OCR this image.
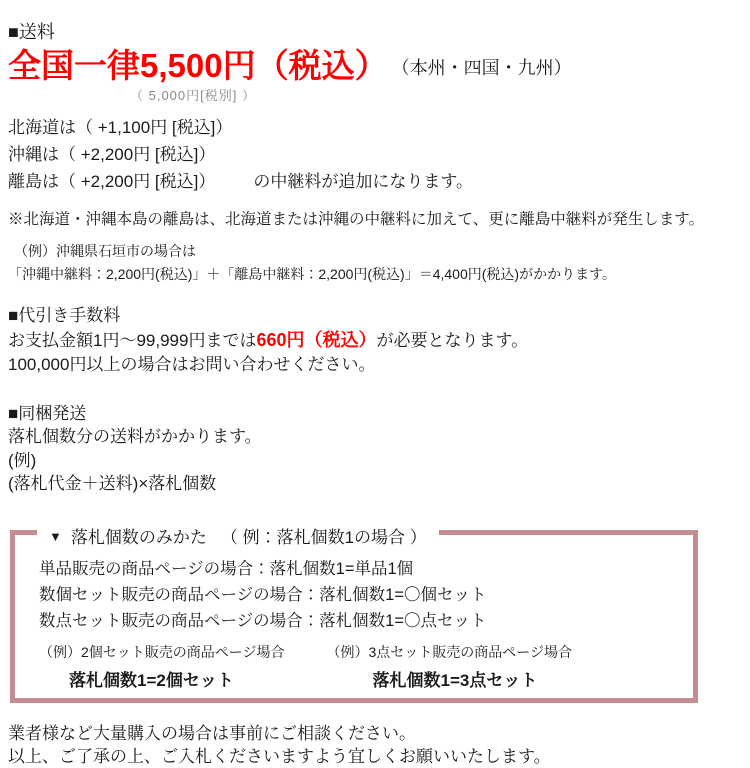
■送料
全国一律5,500円（税込） （本州・四国・九州）
（ 5,000円[税別] ）
北海道は（ +1,100円 [税込]）
沖縄は（ +2,200円 [税込]）
離島は（ +2,200円 [税込]） の中継料が追加になります。
※北海道・沖縄本島の離島は、北海道または沖縄の中継料に加えて、更に離島中継料が発生します。
（例）沖縄県石垣市の場合は
「沖縄中継料：2,200円(税込)」＋「離島中継料：2,200円(税込)」＝4,400円(税込)がかかります。
■代引き手数料
お支払金額1円～99,999円までは660円（税込）が必要となります。
100,000円以上の場合はお問い合わせください。
■同梱発送
落札個数分の送料がかかります。
(例)
(落札代金＋送料)×落札個数
▼ 落札個数のみかた （ 例：落札個数1の場合 ）
単品販売の商品ページの場合：落札個数1=単品1個
数個セット販売の商品ページの場合：落札個数1=〇個セット
数点セット販売の商品ページの場合：落札個数1=〇点セット
（例）2個セット販売の商品ページ場合
落札個数1=2個セット
（例）3点セット販売の商品ページ場合
落札個数1=3点セット
業者様など大量購入の場合は事前にご相談ください。
以上、ご了承の上、ご入札くださいますよう宜しくお願いいたします。
